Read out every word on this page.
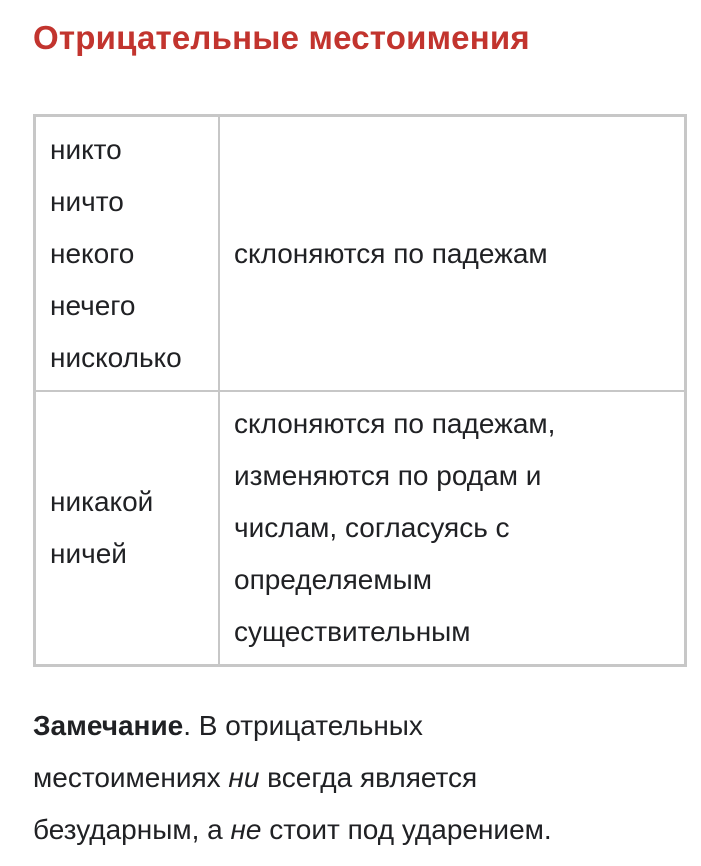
Отрицательные местоимения
никто
ничто
некого
нечего
нисколько	склоняются по падежам

никакой
ничей	склоняются по падежам,
изменяются по родам и
числам, согласуясь с
определяемым
существительным

Замечание. В отрицательных
местоимениях ни всегда является
безударным, а не стоит под ударением.
